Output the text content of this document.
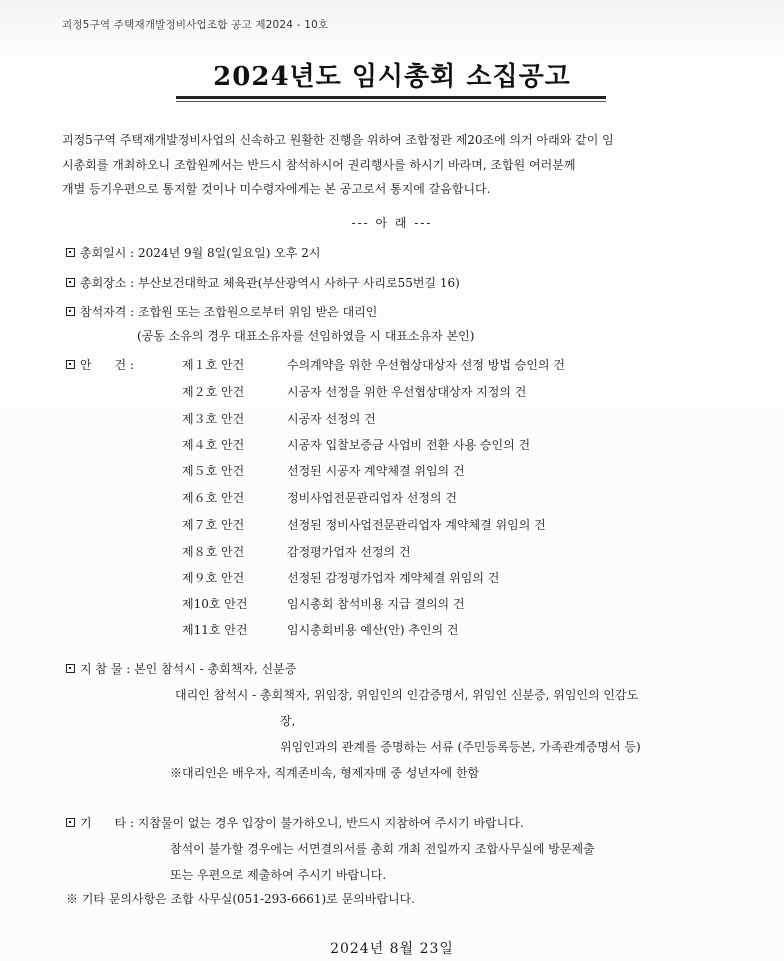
괴정5구역 주택재개발정비사업조합 공고 제2024 - 10호
2024년도 임시총회 소집공고
괴정5구역 주택재개발정비사업의 신속하고 원활한 진행을 위하여 조합정관 제20조에 의거 아래와 같이 임
시총회를 개최하오니 조합원께서는 반드시 참석하시어 권리행사를 하시기 바라며, 조합원 여러분께
개별 등기우편으로 통지할 것이나 미수령자에게는 본 공고로서 통지에 갈음합니다.
--- 아 래 ---
총회일시 : 2024년 9월 8일(일요일) 오후 2시
총회장소 : 부산보건대학교 체육관(부산광역시 사하구 사리로55번길 16)
참석자격 : 조합원 또는 조합원으로부터 위임 받은 대리인
(공동 소유의 경우 대표소유자를 선임하였을 시 대표소유자 본인)
안      건 :	제１호 안건	수의계약을 위한 우선협상대상자 선정 방법 승인의 건
제２호 안건	시공자 선정을 위한 우선협상대상자 지정의 건
제３호 안건	시공자 선정의 건
제４호 안건	시공자 입찰보증금 사업비 전환 사용 승인의 건
제５호 안건	선정된 시공자 계약체결 위임의 건
제６호 안건	정비사업전문관리업자 선정의 건
제７호 안건	선정된 정비사업전문관리업자 계약체결 위임의 건
제８호 안건	감정평가업자 선정의 건
제９호 안건	선정된 감정평가업자 계약체결 위임의 건
제10호 안건	임시총회 참석비용 지급 결의의 건
제11호 안건	임시총회비용 예산(안) 추인의 건
지 참 물 : 본인 참석시 - 총회책자, 신분증
대리인 참석시 - 총회책자, 위임장, 위임인의 인감증명서, 위임인 신분증, 위임인의 인감도
장,
위임인과의 관계를 증명하는 서류 (주민등록등본, 가족관계증명서 등)
※대리인은 배우자, 직계존비속, 형제자매 중 성년자에 한함
기      타 : 지참물이 없는 경우 입장이 불가하오니, 반드시 지참하여 주시기 바랍니다.
참석이 불가할 경우에는 서면결의서를 총회 개최 전일까지 조합사무실에 방문제출
또는 우편으로 제출하여 주시기 바랍니다.
※ 기타 문의사항은 조합 사무실(051-293-6661)로 문의바랍니다.
2024년 8월 23일
